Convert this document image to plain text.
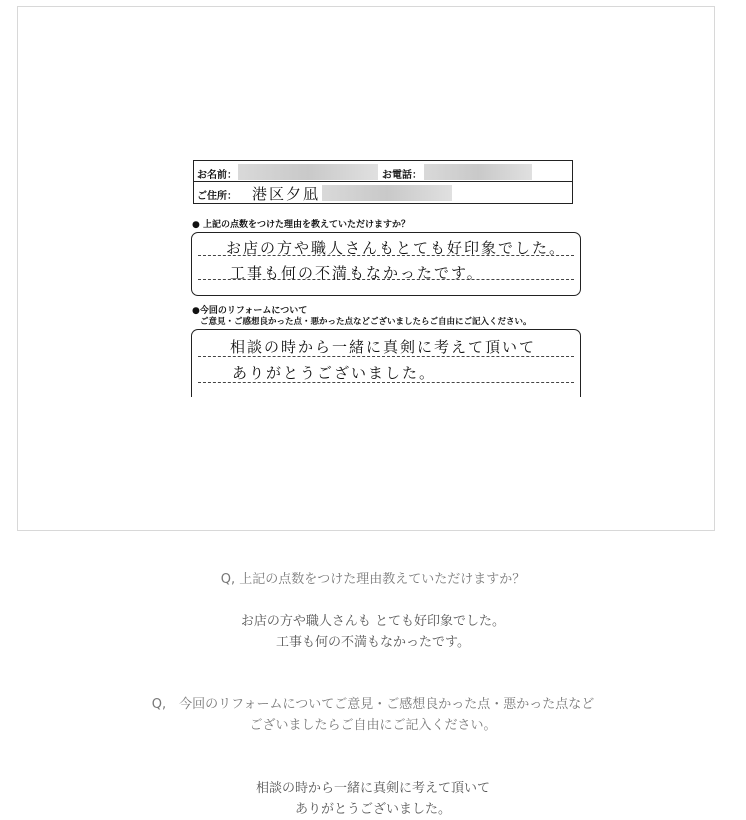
お名前：	お電話：
ご住所： 港区夕凪
● 上記の点数をつけた理由を教えていただけますか？
お店の方や職人さんもとても好印象でした。
工事も何の不満もなかったです。
●今回のリフォームについて
ご意見・ご感想良かった点・悪かった点などございましたらご自由にご記入ください。
相談の時から一緒に真剣に考えて頂いて
ありがとうございました。
Q, 上記の点数をつけた理由教えていただけますか？
お店の方や職人さんも とても好印象でした。
工事も何の不満もなかったです。
Q,　今回のリフォームについてご意見・ご感想良かった点・悪かった点など
ございましたらご自由にご記入ください。
相談の時から一緒に真剣に考えて頂いて
ありがとうございました。
